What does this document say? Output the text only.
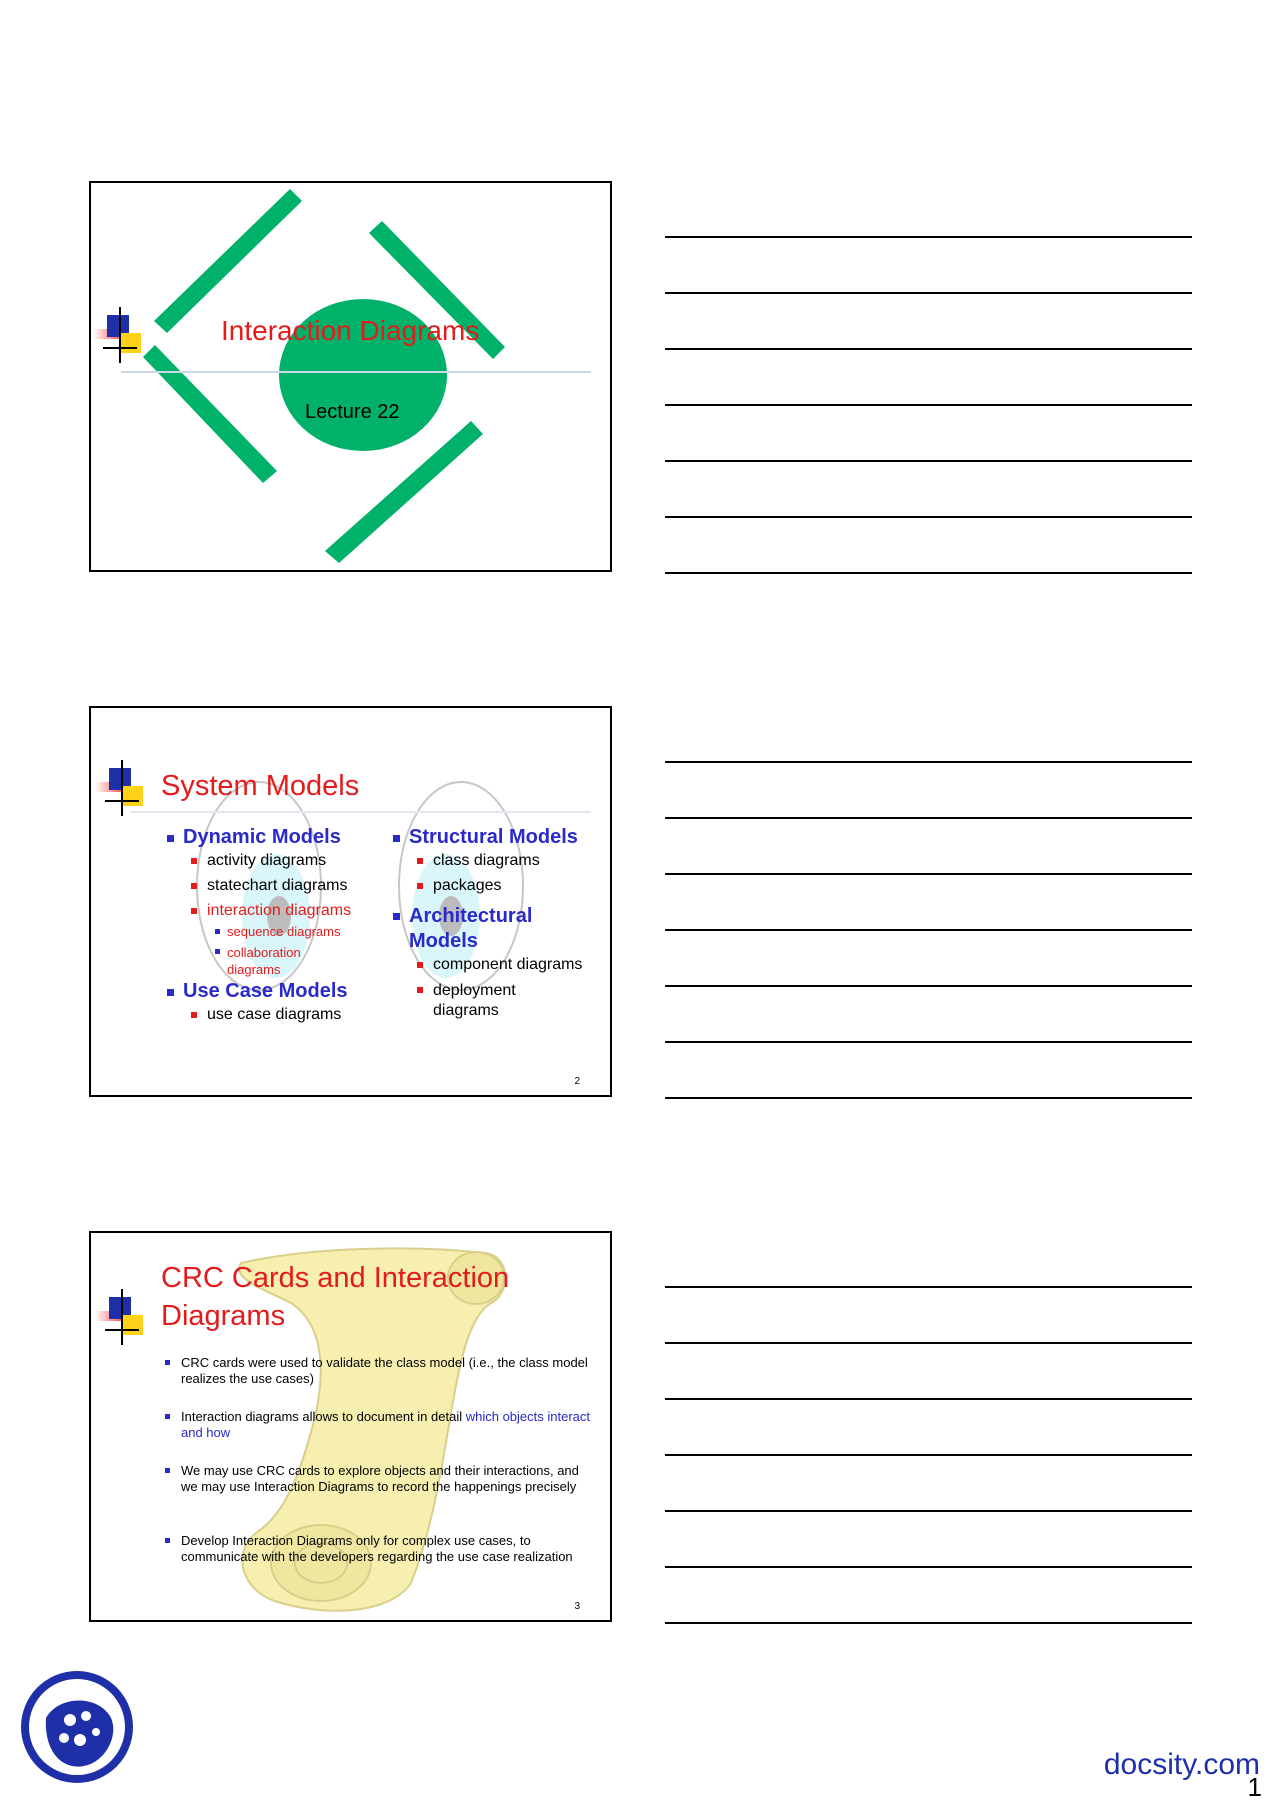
Interaction Diagrams
Lecture 22
System Models
Dynamic Models
activity diagrams
statechart diagrams
interaction diagrams
sequence diagrams
collaboration diagrams
Use Case Models
use case diagrams
Structural Models
class diagrams
packages
Architectural Models
component diagrams
deployment diagrams
2
CRC Cards and Interaction Diagrams
CRC cards were used to validate the class model (i.e., the class model realizes the use cases)
Interaction diagrams allows to document in detail which objects interact and how
We may use CRC cards to explore objects and their interactions, and we may use Interaction Diagrams to record the happenings precisely
Develop Interaction Diagrams only for complex use cases, to communicate with the developers regarding the use case realization
3
docsity.com
1
